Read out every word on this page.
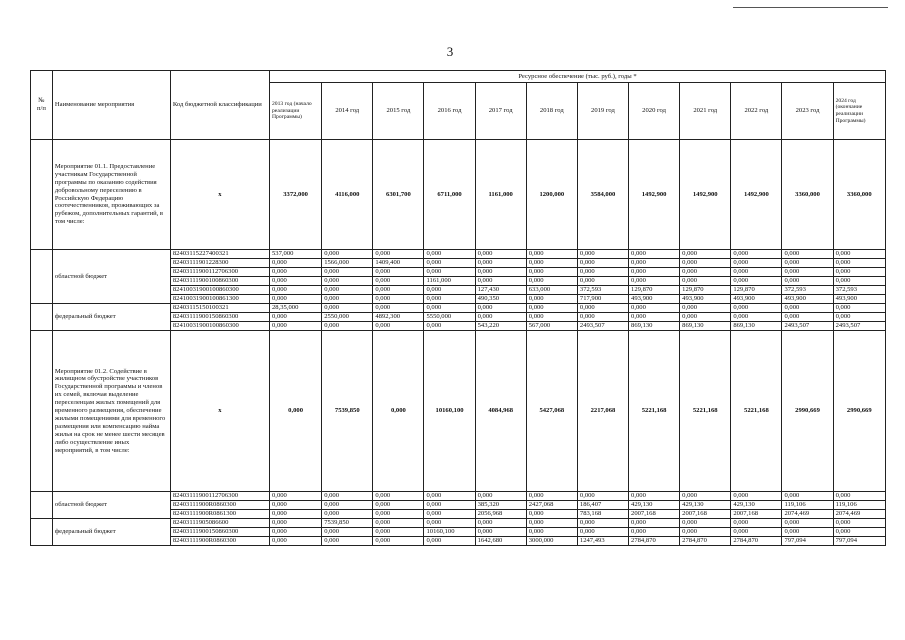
3
№
п/п	Наименование мероприятия	Код бюджетной классификации	Ресурсное обеспечение (тыс. руб.), годы *											
			2013 год (начало реализации Программы)	2014 год	2015 год	2016 год	2017 год	2018 год	2019 год	2020 год	2021 год	2022 год	2023 год	2024 год (окончание реализации Программы)
	Мероприятие 01.1. Предоставление участникам Государственной программы по оказанию содействия добровольному переселению в Российскую Федерацию соотечественников, проживающих за рубежом, дополнительных гарантий, в том числе:	х	3372,000	4116,000	6301,700	6711,000	1161,000	1200,000	3584,000	1492,900	1492,900	1492,900	3360,000	3360,000
	областной бюджет	82403115227400321	537,000	0,000	0,000	0,000	0,000	0,000	0,000	0,000	0,000	0,000	0,000	0,000
		82403111901228300	0,000	1566,000	1409,400	0,000	0,000	0,000	0,000	0,000	0,000	0,000	0,000	0,000
		82403111900112706300	0,000	0,000	0,000	0,000	0,000	0,000	0,000	0,000	0,000	0,000	0,000	0,000
		82403111900100860300	0,000	0,000	0,000	1161,000	0,000	0,000	0,000	0,000	0,000	0,000	0,000	0,000
		82410031900100860300	0,000	0,000	0,000	0,000	127,430	633,000	372,593	129,870	129,870	129,870	372,593	372,593
		82410031900100861300	0,000	0,000	0,000	0,000	490,350	0,000	717,900	493,900	493,900	493,900	493,900	493,900
	федеральный бюджет	82403115150100321	28,35,000	0,000	0,000	0,000	0,000	0,000	0,000	0,000	0,000	0,000	0,000	0,000
		82403111900150860300	0,000	2550,000	4892,300	5550,000	0,000	0,000	0,000	0,000	0,000	0,000	0,000	0,000
		82410031900100860300	0,000	0,000	0,000	0,000	543,220	567,000	2493,507	869,130	869,130	869,130	2493,507	2493,507
	Мероприятие 01.2. Содействие в жилищном обустройстве участников Государственной программы и членов их семей, включая выделение переселенцам жилых помещений для временного размещения, обеспечение жилыми помещениями для временного размещения или компенсацию найма жилья на срок не менее шести месяцев либо осуществление иных мероприятий, в том числе:	х	0,000	7539,850	0,000	10160,100	4084,968	5427,068	2217,068	5221,168	5221,168	5221,168	2990,669	2990,669
	областной бюджет	82403111900112706300	0,000	0,000	0,000	0,000	0,000	0,000	0,000	0,000	0,000	0,000	0,000	0,000
		82403111900R0860300	0,000	0,000	0,000	0,000	385,320	2427,068	186,407	429,130	429,130	429,130	119,106	119,106
		82403111900R0861300	0,000	0,000	0,000	0,000	2056,968	0,000	783,168	2007,168	2007,168	2007,168	2074,469	2074,469
	федеральный бюджет	82403111905086600	0,000	7539,850	0,000	0,000	0,000	0,000	0,000	0,000	0,000	0,000	0,000	0,000
		82403111900150860300	0,000	0,000	0,000	10160,100	0,000	0,000	0,000	0,000	0,000	0,000	0,000	0,000
		82403111900R0860300	0,000	0,000	0,000	0,000	1642,680	3000,000	1247,493	2784,870	2784,870	2784,870	797,094	797,094
